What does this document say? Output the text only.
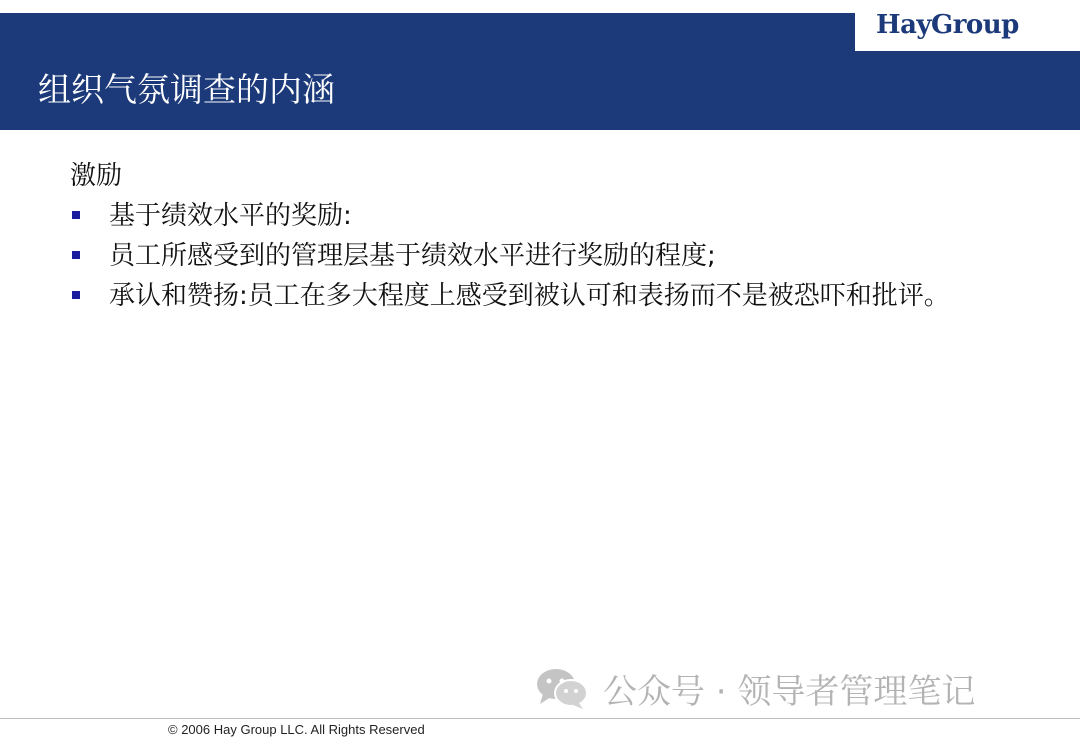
HayGroup
组织气氛调查的内涵
激励
基于绩效水平的奖励:
员工所感受到的管理层基于绩效水平进行奖励的程度;
承认和赞扬:员工在多大程度上感受到被认可和表扬而不是被恐吓和批评。
公众号 · 领导者管理笔记
© 2006 Hay Group LLC. All Rights Reserved
